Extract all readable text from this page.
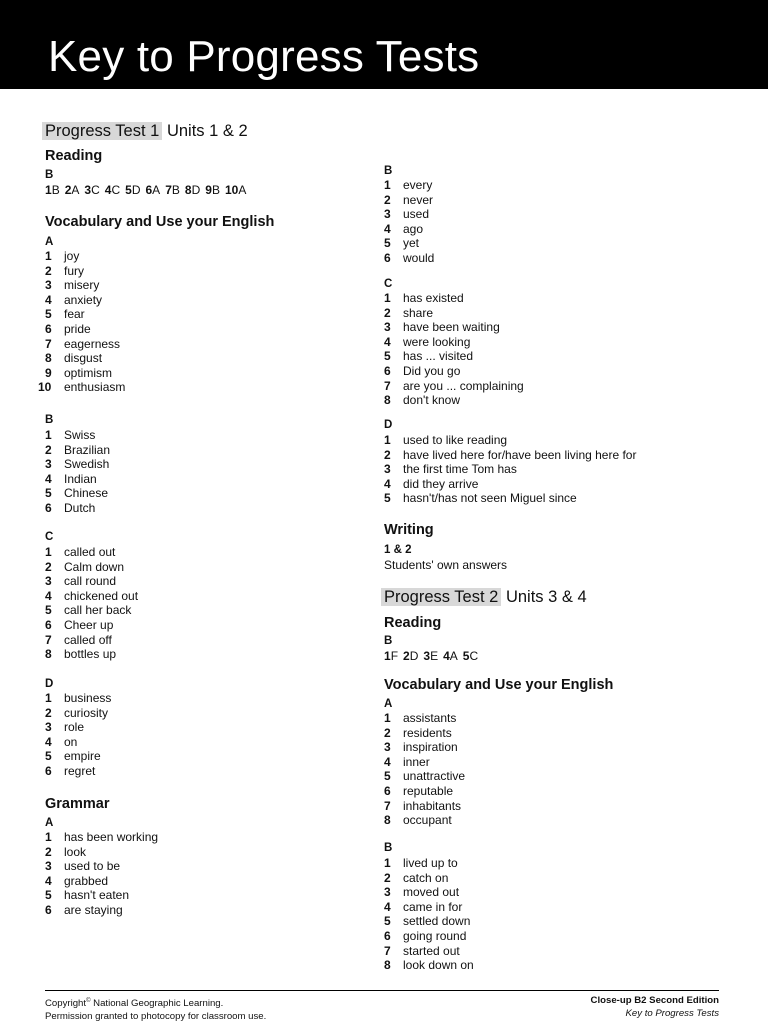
Key to Progress Tests
Progress Test 1 Units 1 & 2
Reading
B
1B 2A 3C 4C 5D 6A 7B 8D 9B 10A
Vocabulary and Use your English
A
1 joy
2 fury
3 misery
4 anxiety
5 fear
6 pride
7 eagerness
8 disgust
9 optimism
10 enthusiasm
B
1 Swiss
2 Brazilian
3 Swedish
4 Indian
5 Chinese
6 Dutch
C
1 called out
2 Calm down
3 call round
4 chickened out
5 call her back
6 Cheer up
7 called off
8 bottles up
D
1 business
2 curiosity
3 role
4 on
5 empire
6 regret
Grammar
A
1 has been working
2 look
3 used to be
4 grabbed
5 hasn't eaten
6 are staying
B
1 every
2 never
3 used
4 ago
5 yet
6 would
C
1 has existed
2 share
3 have been waiting
4 were looking
5 has ... visited
6 Did you go
7 are you ... complaining
8 don't know
D
1 used to like reading
2 have lived here for/have been living here for
3 the first time Tom has
4 did they arrive
5 hasn't/has not seen Miguel since
Writing
1 & 2
Students' own answers
Progress Test 2 Units 3 & 4
Reading
B
1F 2D 3E 4A 5C
Vocabulary and Use your English
A
1 assistants
2 residents
3 inspiration
4 inner
5 unattractive
6 reputable
7 inhabitants
8 occupant
B
1 lived up to
2 catch on
3 moved out
4 came in for
5 settled down
6 going round
7 started out
8 look down on
Copyright© National Geographic Learning.
Permission granted to photocopy for classroom use.
Close-up B2 Second Edition
Key to Progress Tests
